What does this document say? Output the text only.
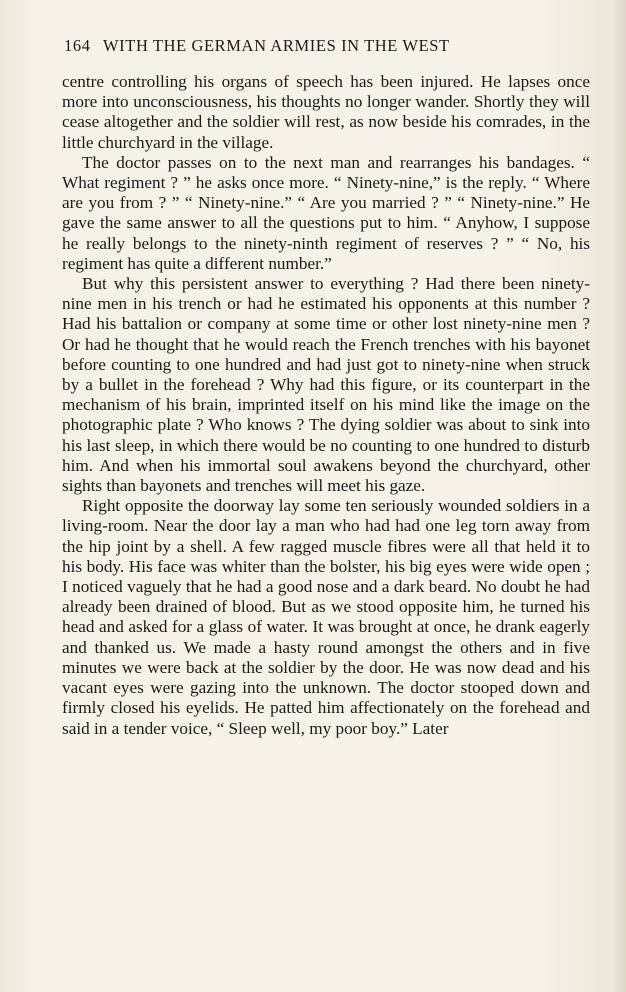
164 WITH THE GERMAN ARMIES IN THE WEST

centre controlling his organs of speech has been injured. He lapses once more into unconsciousness, his thoughts no longer wander. Shortly they will cease altogether and the soldier will rest, as now beside his comrades, in the little churchyard in the village.

The doctor passes on to the next man and rearranges his bandages. “ What regiment ? ” he asks once more. “ Ninety-nine,” is the reply. “ Where are you from ? ” “ Ninety-nine.” “ Are you married ? ” “ Ninety-nine.” He gave the same answer to all the questions put to him. “ Anyhow, I suppose he really belongs to the ninety-ninth regiment of reserves ? ” “ No, his regiment has quite a different number.”

But why this persistent answer to everything ? Had there been ninety-nine men in his trench or had he estimated his opponents at this number ? Had his battalion or company at some time or other lost ninety-nine men ? Or had he thought that he would reach the French trenches with his bayonet before counting to one hundred and had just got to ninety-nine when struck by a bullet in the forehead ? Why had this figure, or its counterpart in the mechanism of his brain, imprinted itself on his mind like the image on the photographic plate ? Who knows ? The dying soldier was about to sink into his last sleep, in which there would be no counting to one hundred to disturb him. And when his immortal soul awakens beyond the churchyard, other sights than bayonets and trenches will meet his gaze.

Right opposite the doorway lay some ten seriously wounded soldiers in a living-room. Near the door lay a man who had had one leg torn away from the hip joint by a shell. A few ragged muscle fibres were all that held it to his body. His face was whiter than the bolster, his big eyes were wide open ; I noticed vaguely that he had a good nose and a dark beard. No doubt he had already been drained of blood. But as we stood opposite him, he turned his head and asked for a glass of water. It was brought at once, he drank eagerly and thanked us. We made a hasty round amongst the others and in five minutes we were back at the soldier by the door. He was now dead and his vacant eyes were gazing into the unknown. The doctor stooped down and firmly closed his eyelids. He patted him affectionately on the forehead and said in a tender voice, “ Sleep well, my poor boy.” Later
